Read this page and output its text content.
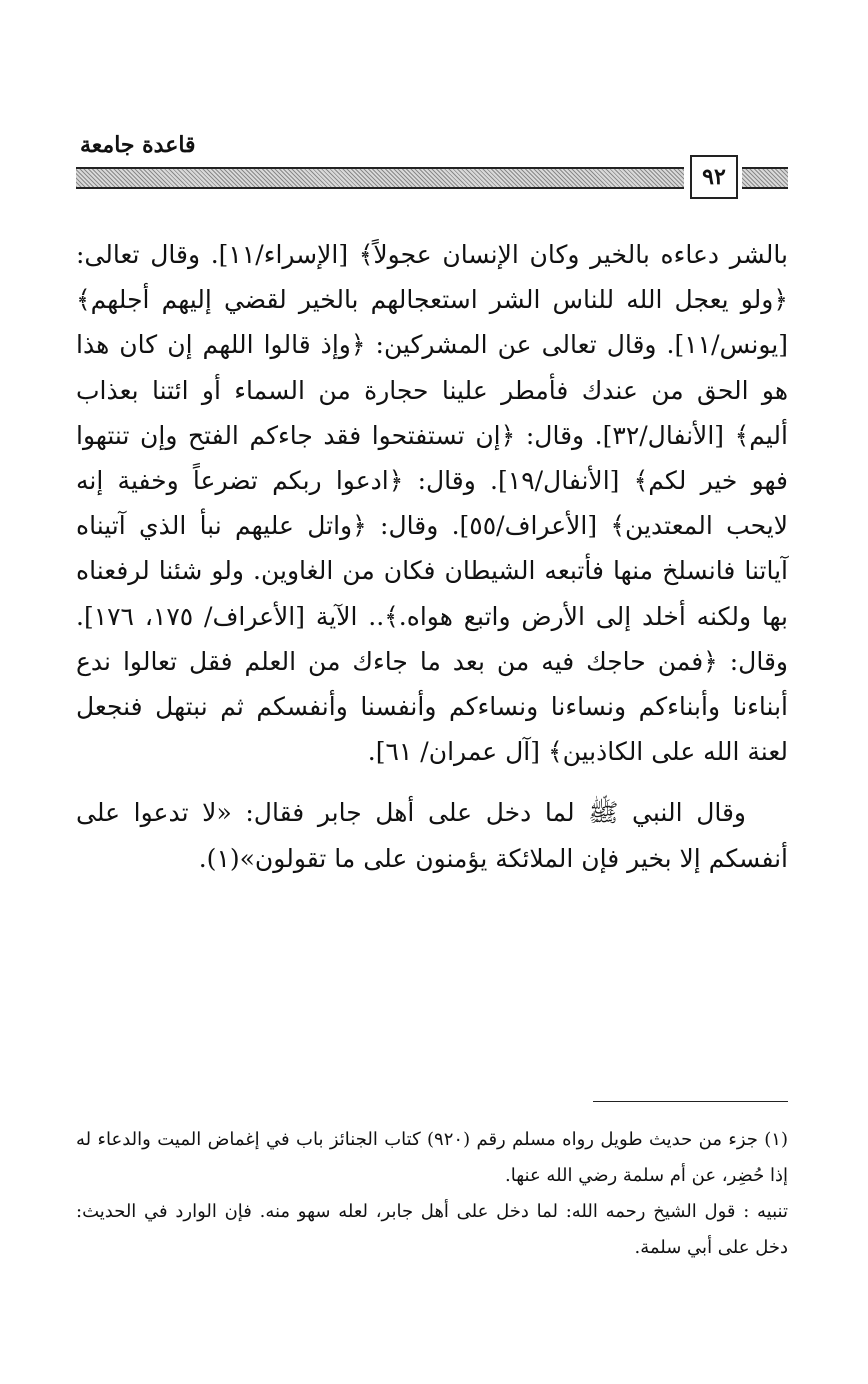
قاعدة جامعة
٩٢

بالشر دعاءه بالخير وكان الإنسان عجولاً﴾ [الإسراء/١١]. وقال تعالى: ﴿ولو يعجل الله للناس الشر استعجالهم بالخير لقضي إليهم أجلهم﴾ [يونس/١١]. وقال تعالى عن المشركين: ﴿وإذ قالوا اللهم إن كان هذا هو الحق من عندك فأمطر علينا حجارة من السماء أو ائتنا بعذاب أليم﴾ [الأنفال/٣٢]. وقال: ﴿إن تستفتحوا فقد جاءكم الفتح وإن تنتهوا فهو خير لكم﴾ [الأنفال/١٩]. وقال: ﴿ادعوا ربكم تضرعاً وخفية إنه لايحب المعتدين﴾ [الأعراف/٥٥]. وقال: ﴿واتل عليهم نبأ الذي آتيناه آياتنا فانسلخ منها فأتبعه الشيطان فكان من الغاوين. ولو شئنا لرفعناه بها ولكنه أخلد إلى الأرض واتبع هواه.﴾.. الآية [الأعراف/ ١٧٥، ١٧٦]. وقال: ﴿فمن حاجك فيه من بعد ما جاءك من العلم فقل تعالوا ندع أبناءنا وأبناءكم ونساءنا ونساءكم وأنفسنا وأنفسكم ثم نبتهل فنجعل لعنة الله على الكاذبين﴾ [آل عمران/ ٦١].

وقال النبي ﷺ لما دخل على أهل جابر فقال: «لا تدعوا على أنفسكم إلا بخير فإن الملائكة يؤمنون على ما تقولون»(١).

(١) جزء من حديث طويل رواه مسلم رقم (٩٢٠) كتاب الجنائز باب في إغماض الميت والدعاء له إذا حُضِر، عن أم سلمة رضي الله عنها.

تنبيه : قول الشيخ رحمه الله: لما دخل على أهل جابر، لعله سهو منه. فإن الوارد في الحديث: دخل على أبي سلمة.
